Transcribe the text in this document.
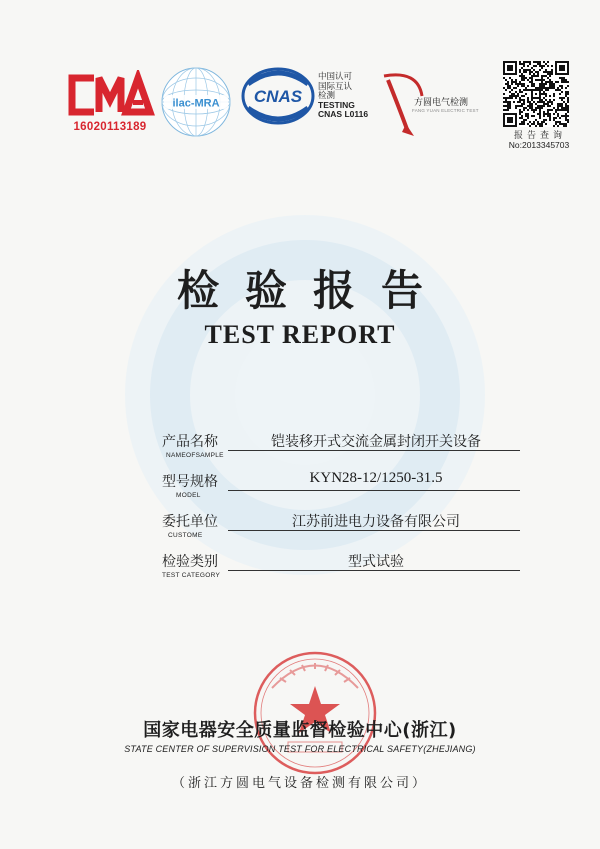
16020113189
ilac-MRA CNAS
中国认可
国际互认
检测
TESTING
CNAS L0116
方圆电气检测
FANG YUAN ELECTRIC TEST
报告查询
No:2013345703
检验报告
TEST REPORT
产品名称
NAMEOFSAMPLE
铠装移开式交流金属封闭开关设备
型号规格
MODEL
KYN28-12/1250-31.5
委托单位
CUSTOME
江苏前进电力设备有限公司
检验类别
TEST CATEGORY
型式试验
国家电器安全质量监督检验中心(浙江)
STATE CENTER OF SUPERVISION TEST FOR ELECTRICAL SAFETY(ZHEJIANG)
（浙江方圆电气设备检测有限公司）
